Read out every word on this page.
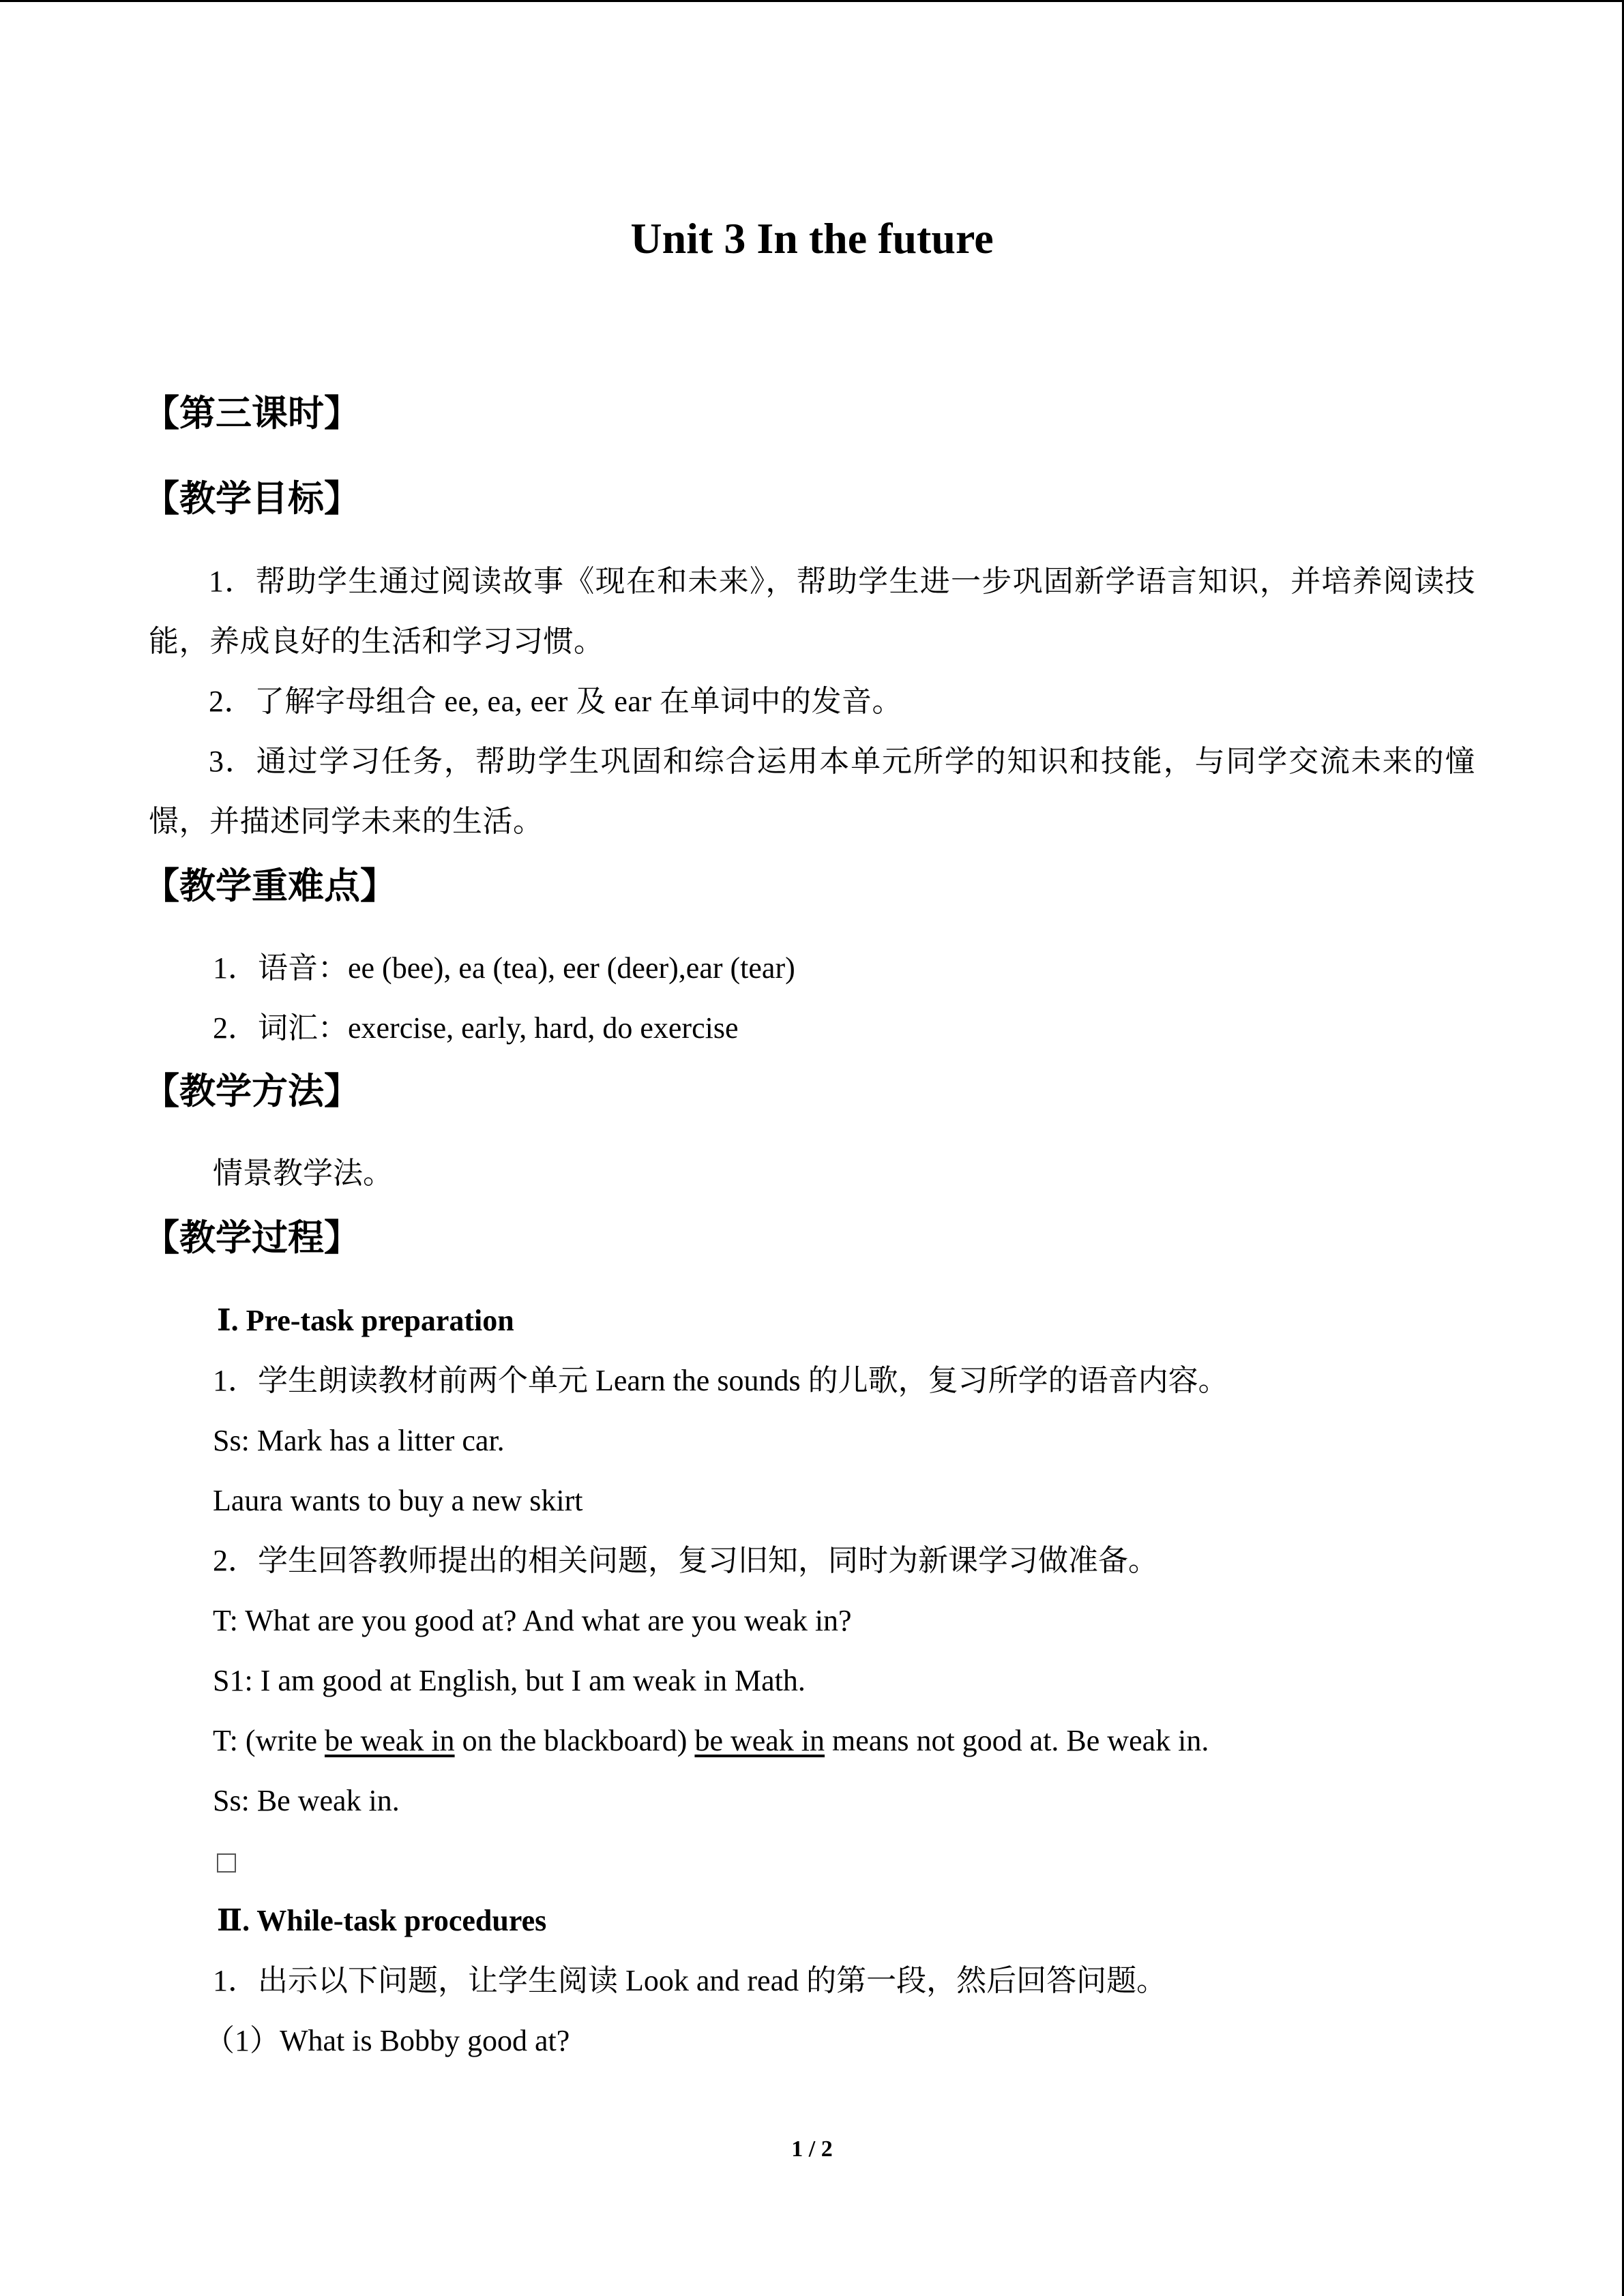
Unit 3 In the future
【第三课时】
【教学目标】
1．帮助学生通过阅读故事《现在和未来》，帮助学生进一步巩固新学语言知识，并培养阅读技能，养成良好的生活和学习习惯。
2．了解字母组合 ee, ea, eer 及 ear 在单词中的发音。
3．通过学习任务，帮助学生巩固和综合运用本单元所学的知识和技能，与同学交流未来的憧憬，并描述同学未来的生活。
【教学重难点】
1．语音：ee (bee), ea (tea), eer (deer),ear (tear)
2．词汇：exercise, early, hard, do exercise
【教学方法】
情景教学法。
【教学过程】
Ⅰ. Pre-task preparation
1．学生朗读教材前两个单元 Learn the sounds 的儿歌，复习所学的语音内容。
Ss: Mark has a litter car.
Laura wants to buy a new skirt
2．学生回答教师提出的相关问题，复习旧知，同时为新课学习做准备。
T: What are you good at? And what are you weak in?
S1: I am good at English, but I am weak in Math.
T: (write be weak in on the blackboard) be weak in means not good at. Be weak in.
Ss: Be weak in.
Ⅱ. While-task procedures
1．出示以下问题，让学生阅读 Look and read 的第一段，然后回答问题。
（1）What is Bobby good at?
1 / 2
